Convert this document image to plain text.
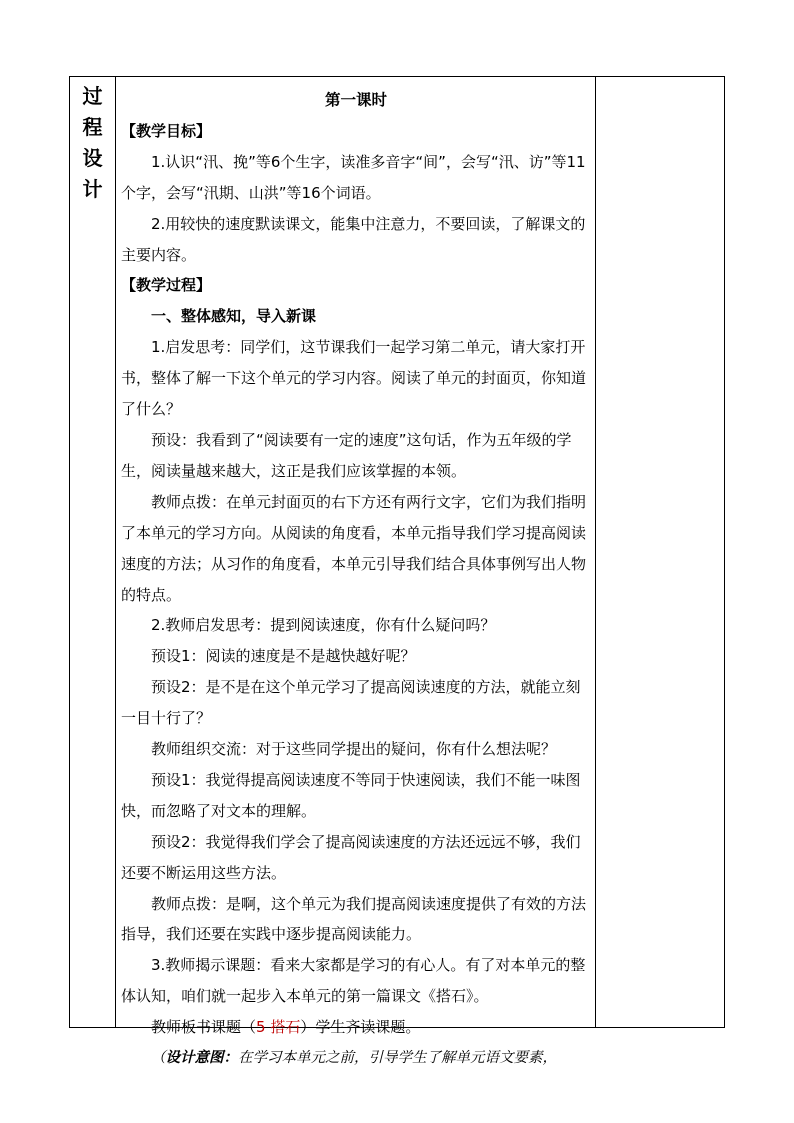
过
程
设
计

第一课时

【教学目标】

1.认识“汛、挽”等6个生字，读准多音字“间”，会写“汛、访”等11个字，会写“汛期、山洪”等16个词语。

2.用较快的速度默读课文，能集中注意力，不要回读，了解课文的主要内容。

【教学过程】

一、整体感知，导入新课

1.启发思考：同学们，这节课我们一起学习第二单元，请大家打开书，整体了解一下这个单元的学习内容。阅读了单元的封面页，你知道了什么？

预设：我看到了“阅读要有一定的速度”这句话，作为五年级的学生，阅读量越来越大，这正是我们应该掌握的本领。

教师点拨：在单元封面页的右下方还有两行文字，它们为我们指明了本单元的学习方向。从阅读的角度看，本单元指导我们学习提高阅读速度的方法；从习作的角度看，本单元引导我们结合具体事例写出人物的特点。

2.教师启发思考：提到阅读速度，你有什么疑问吗？

预设1：阅读的速度是不是越快越好呢？

预设2：是不是在这个单元学习了提高阅读速度的方法，就能立刻一目十行了？

教师组织交流：对于这些同学提出的疑问，你有什么想法呢？

预设1：我觉得提高阅读速度不等同于快速阅读，我们不能一味图快，而忽略了对文本的理解。

预设2：我觉得我们学会了提高阅读速度的方法还远远不够，我们还要不断运用这些方法。

教师点拨：是啊，这个单元为我们提高阅读速度提供了有效的方法指导，我们还要在实践中逐步提高阅读能力。

3.教师揭示课题：看来大家都是学习的有心人。有了对本单元的整体认知，咱们就一起步入本单元的第一篇课文《搭石》。

教师板书课题（5 搭石）学生齐读课题。

（设计意图：在学习本单元之前，引导学生了解单元语文要素，
